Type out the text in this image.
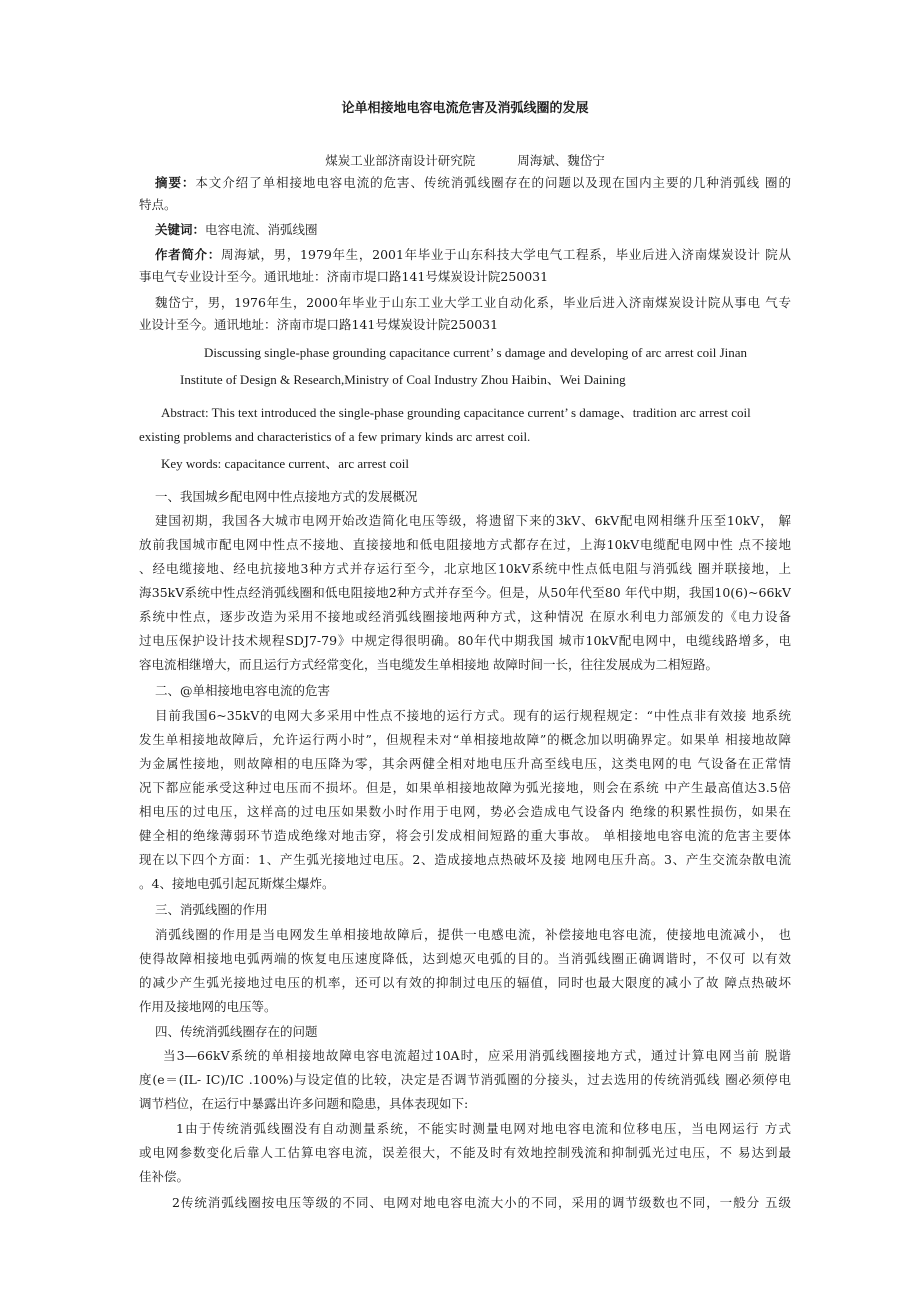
论单相接地电容电流危害及消弧线圈的发展
煤炭工业部济南设计研究院	周海斌、魏岱宁
摘要：本文介绍了单相接地电容电流的危害、传统消弧线圈存在的问题以及现在国内主要的几种消弧线 圈的
特点。
关键词：电容电流、消弧线圈
作者简介：周海斌，男，1979年生，2001年毕业于山东科技大学电气工程系，毕业后进入济南煤炭设计 院从
事电气专业设计至今。通讯地址：济南市堤口路141号煤炭设计院250031
魏岱宁，男，1976年生，2000年毕业于山东工业大学工业自动化系，毕业后进入济南煤炭设计院从事电 气专
业设计至今。通讯地址：济南市堤口路141号煤炭设计院250031
Discussing single-phase grounding capacitance current’ s damage and developing of arc arrest coil Jinan
Institute of Design & Research,Ministry of Coal Industry Zhou Haibin、Wei Daining
Abstract: This text introduced the single-phase grounding capacitance current’ s damage、tradition arc arrest coil
existing problems and characteristics of a few primary kinds arc arrest coil.
Key words: capacitance current、arc arrest coil
一、我国城乡配电网中性点接地方式的发展概况
建国初期，我国各大城市电网开始改造简化电压等级，将遗留下来的3kV、6kV配电网相继升压至10kV， 解
放前我国城市配电网中性点不接地、直接接地和低电阻接地方式都存在过，上海10kV电缆配电网中性 点不接地
、经电缆接地、经电抗接地3种方式并存运行至今，北京地区10kV系统中性点低电阻与消弧线 圈并联接地，上
海35kV系统中性点经消弧线圈和低电阻接地2种方式并存至今。但是，从50年代至80 年代中期，我国10(6)~66kV
系统中性点，逐步改造为采用不接地或经消弧线圈接地两种方式，这种情况 在原水利电力部颁发的《电力设备
过电压保护设计技术规程SDJ7-79》中规定得很明确。80年代中期我国 城市10kV配电网中，电缆线路增多，电
容电流相继增大，而且运行方式经常变化，当电缆发生单相接地 故障时间一长，往往发展成为二相短路。
二、@单相接地电容电流的危害
目前我国6~35kV的电网大多采用中性点不接地的运行方式。现有的运行规程规定：“中性点非有效接 地系统
发生单相接地故障后，允许运行两小时”，但规程未对“单相接地故障”的概念加以明确界定。如果单 相接地故障
为金属性接地，则故障相的电压降为零，其余两健全相对地电压升高至线电压，这类电网的电 气设备在正常情
况下都应能承受这种过电压而不损坏。但是，如果单相接地故障为弧光接地，则会在系统 中产生最高值达3.5倍
相电压的过电压，这样高的过电压如果数小时作用于电网，势必会造成电气设备内 绝缘的积累性损伤，如果在
健全相的绝缘薄弱环节造成绝缘对地击穿，将会引发成相间短路的重大事故。 单相接地电容电流的危害主要体
现在以下四个方面：1、产生弧光接地过电压。2、造成接地点热破坏及接 地网电压升高。3、产生交流杂散电流
。4、接地电弧引起瓦斯煤尘爆炸。
三、消弧线圈的作用
消弧线圈的作用是当电网发生单相接地故障后，提供一电感电流，补偿接地电容电流，使接地电流减小， 也
使得故障相接地电弧两端的恢复电压速度降低，达到熄灭电弧的目的。当消弧线圈正确调谐时，不仅可 以有效
的减少产生弧光接地过电压的机率，还可以有效的抑制过电压的辐值，同时也最大限度的减小了故 障点热破坏
作用及接地网的电压等。
四、传统消弧线圈存在的问题
当3—66kV系统的单相接地故障电容电流超过10A时，应采用消弧线圈接地方式，通过计算电网当前 脱谐
度(e＝(IL- IC)/IC .100%)与设定值的比较，决定是否调节消弧圈的分接头，过去选用的传统消弧线 圈必须停电
调节档位，在运行中暴露出许多问题和隐患，具体表现如下:
1由于传统消弧线圈没有自动测量系统，不能实时测量电网对地电容电流和位移电压，当电网运行 方式
或电网参数变化后靠人工估算电容电流，误差很大，不能及时有效地控制残流和抑制弧光过电压，不 易达到最
佳补偿。
2传统消弧线圈按电压等级的不同、电网对地电容电流大小的不同，采用的调节级数也不同，一般分 五级
